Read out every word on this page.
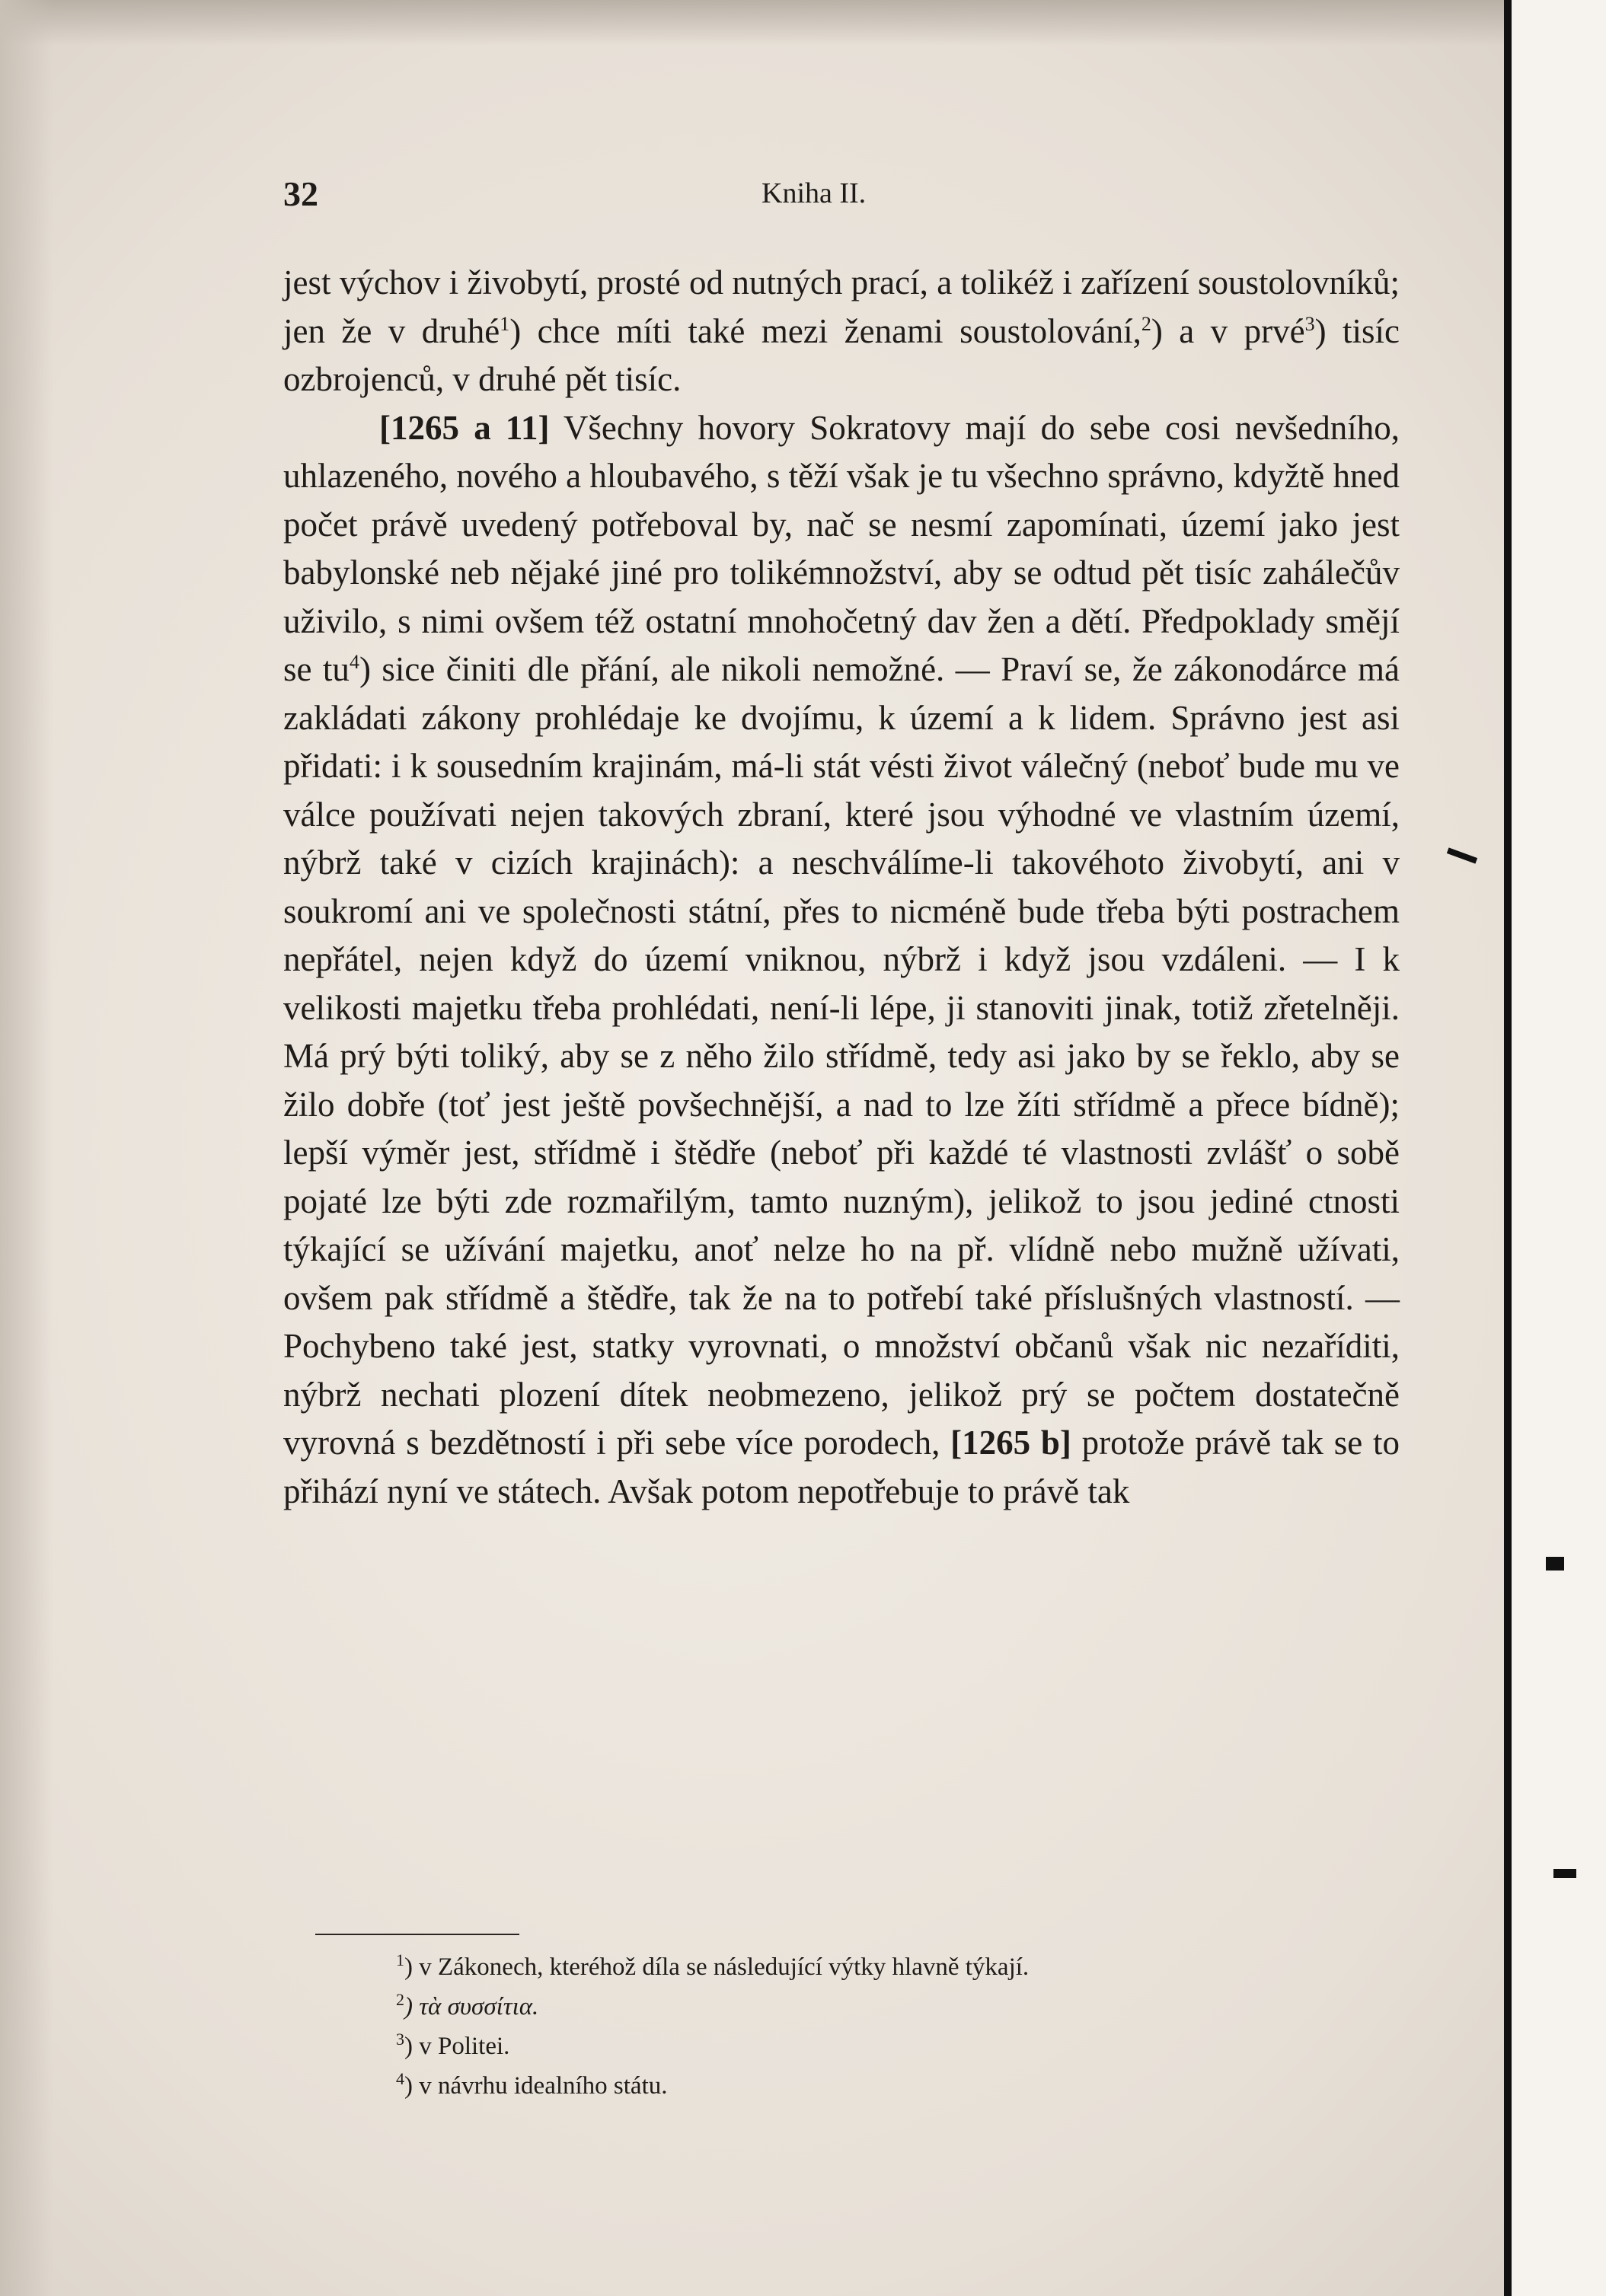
32	Kniha II.

jest výchov i živobytí, prosté od nutných prací, a tolikéž i zařízení soustolovníků; jen že v druhé$^1$) chce míti také mezi ženami soustolování,$^2$) a v prvé$^3$) tisíc ozbrojenců, v druhé pět tisíc.

[1265 a 11] Všechny hovory Sokratovy mají do sebe cosi nevšedního, uhlazeného, nového a hloubavého, s těží však je tu všechno správno, kdyžtě hned počet právě uvedený potřeboval by, nač se nesmí zapomínati, území jako jest babylonské neb nějaké jiné pro tolikémnožství, aby se odtud pět tisíc zahálečův uživilo, s nimi ovšem též ostatní mnohočetný dav žen a dětí. Předpoklady smějí se tu$^4$) sice činiti dle přání, ale nikoli nemožné. — Praví se, že zákonodárce má zakládati zákony prohlédaje ke dvojímu, k území a k lidem. Správno jest asi přidati: i k sousedním krajinám, má-li stát vésti život válečný (neboť bude mu ve válce používati nejen takových zbraní, které jsou výhodné ve vlastním území, nýbrž také v cizích krajinách): a neschválíme-li takovéhoto živobytí, ani v soukromí ani ve společnosti státní, přes to nicméně bude třeba býti postrachem nepřátel, nejen když do území vniknou, nýbrž i když jsou vzdáleni. — I k velikosti majetku třeba prohlédati, není-li lépe, ji stanoviti jinak, totiž zřetelněji. Má prý býti toliký, aby se z něho žilo střídmě, tedy asi jako by se řeklo, aby se žilo dobře (toť jest ještě povšechnější, a nad to lze žíti střídmě a přece bídně); lepší výměr jest, střídmě i štědře (neboť při každé té vlastnosti zvlášť o sobě pojaté lze býti zde rozmařilým, tamto nuzným), jelikož to jsou jediné ctnosti týkající se užívání majetku, anoť nelze ho na př. vlídně nebo mužně užívati, ovšem pak střídmě a štědře, tak že na to potřebí také příslušných vlastností. — Pochybeno také jest, statky vyrovnati, o množství občanů však nic nezaříditi, nýbrž nechati plození dítek neobmezeno, jelikož prý se počtem dostatečně vyrovná s bezdětností i při sebe více porodech, [1265 b] protože právě tak se to přihází nyní ve státech. Avšak potom nepotřebuje to právě tak

$^1$) v Zákonech, kteréhož díla se následující výtky hlavně týkají.
$^2$) τὰ συσσίτια.
$^3$) v Politei.
$^4$) v návrhu idealního státu.
